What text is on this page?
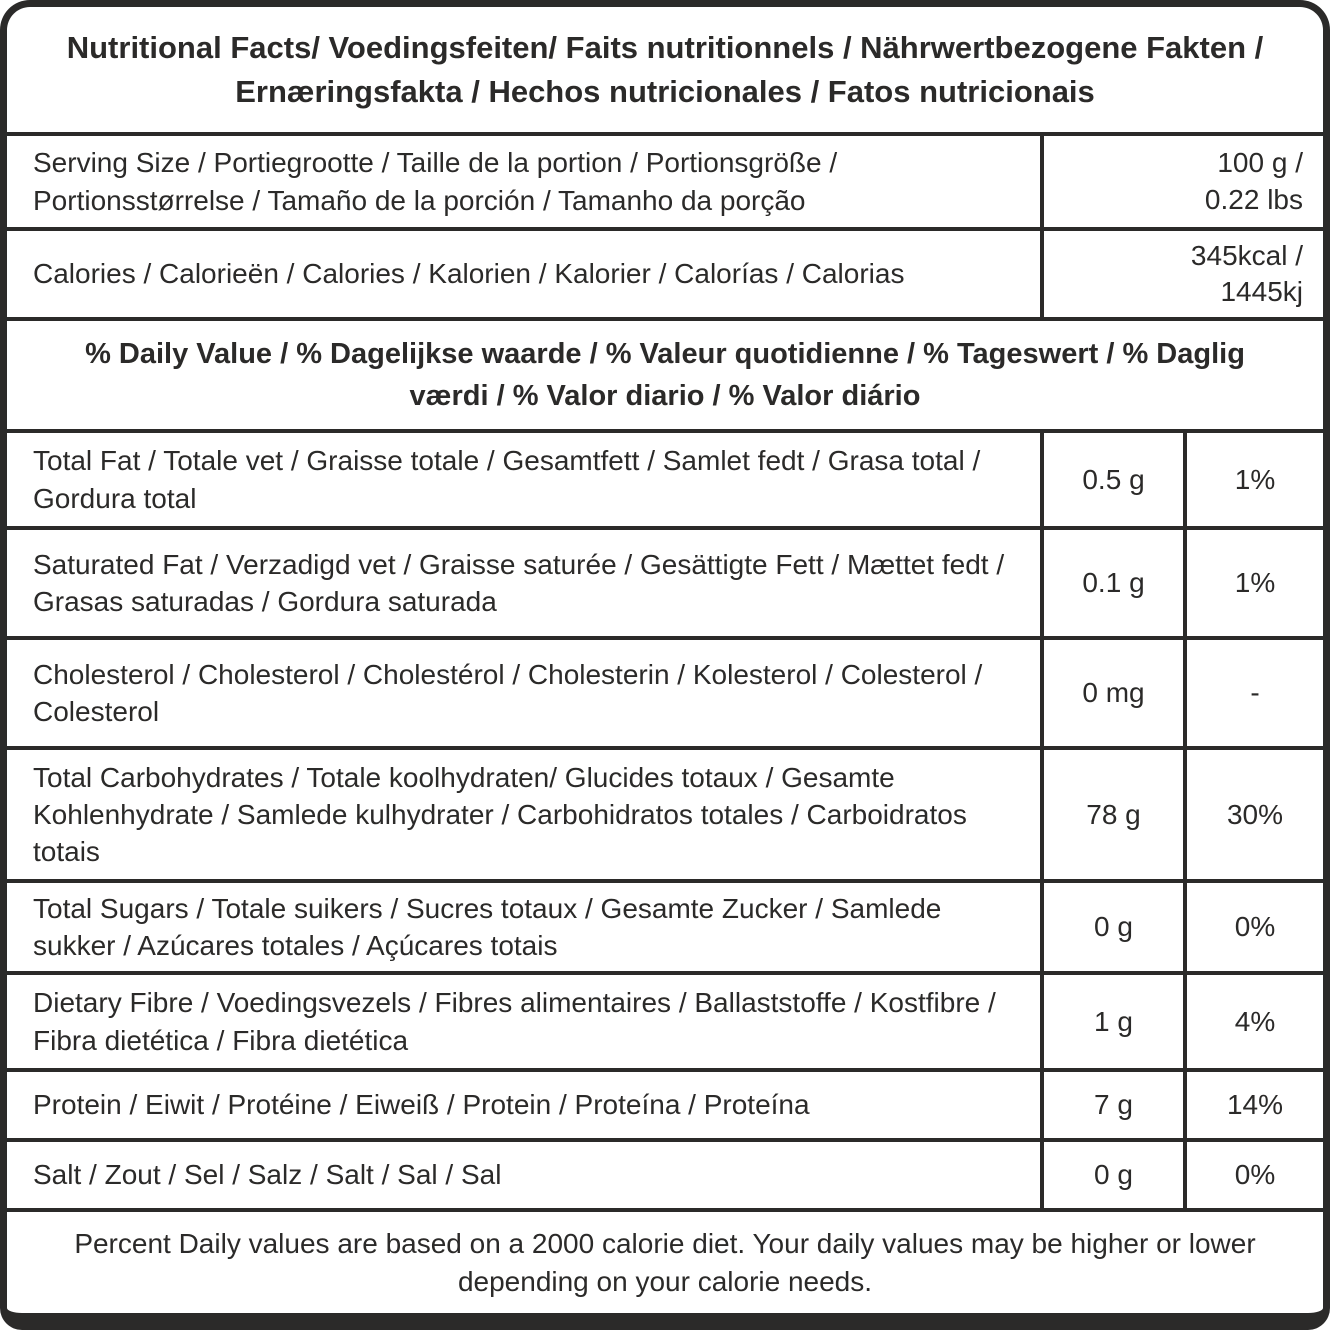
Nutritional Facts/ Voedingsfeiten/ Faits nutritionnels / Nährwertbezogene Fakten / Ernæringsfakta / Hechos nutricionales / Fatos nutricionais
Serving Size / Portiegrootte / Taille de la portion / Portionsgröße / Portionsstørrelse / Tamaño de la porción / Tamanho da porção
100 g /
0.22 lbs
Calories / Calorieën / Calories / Kalorien / Kalorier / Calorías / Calorias
345kcal /
1445kj
% Daily Value / % Dagelijkse waarde / % Valeur quotidienne / % Tageswert / % Daglig værdi / % Valor diario / % Valor diário
Total Fat / Totale vet / Graisse totale / Gesamtfett / Samlet fedt / Grasa total / Gordura total
0.5 g	1%
Saturated Fat / Verzadigd vet / Graisse saturée / Gesättigte Fett / Mættet fedt / Grasas saturadas / Gordura saturada
0.1 g	1%
Cholesterol / Cholesterol / Cholestérol / Cholesterin / Kolesterol / Colesterol / Colesterol
0 mg	-
Total Carbohydrates / Totale koolhydraten/ Glucides totaux / Gesamte Kohlenhydrate / Samlede kulhydrater / Carbohidratos totales / Carboidratos totais
78 g	30%
Total Sugars / Totale suikers / Sucres totaux / Gesamte Zucker / Samlede sukker / Azúcares totales / Açúcares totais
0 g	0%
Dietary Fibre / Voedingsvezels / Fibres alimentaires / Ballaststoffe / Kostfibre / Fibra dietética / Fibra dietética
1 g	4%
Protein / Eiwit / Protéine / Eiweiß / Protein / Proteína / Proteína	7 g	14%
Salt / Zout / Sel / Salz / Salt / Sal / Sal	0 g	0%
Percent Daily values are based on a 2000 calorie diet. Your daily values may be higher or lower depending on your calorie needs.
